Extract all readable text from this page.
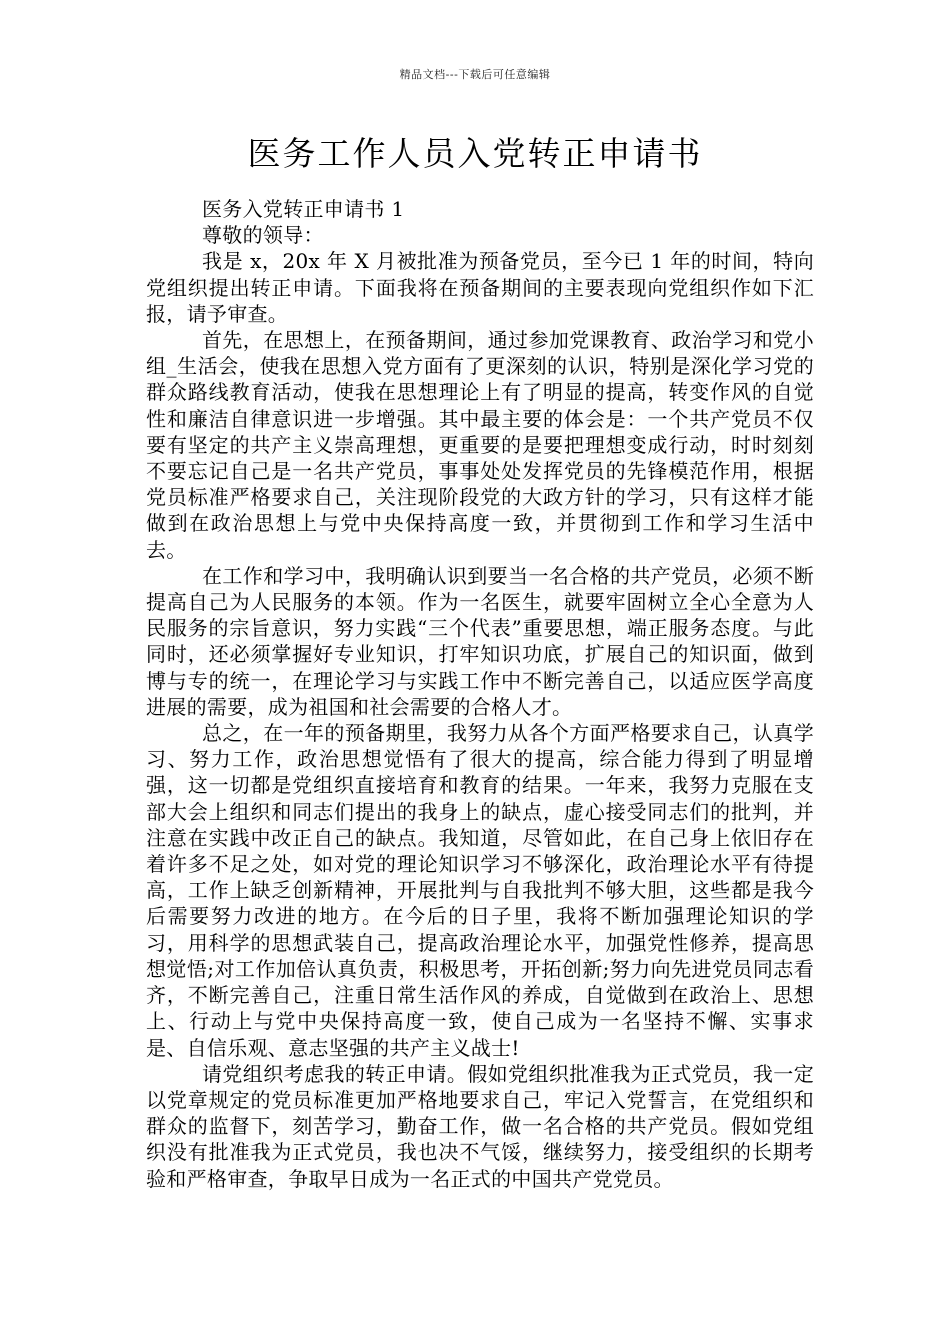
精品文档---下载后可任意编辑
医务工作人员入党转正申请书

医务入党转正申请书 1

尊敬的领导：

我是 x，20x 年 X 月被批准为预备党员，至今已 1 年的时间，特向党组织提出转正申请。下面我将在预备期间的主要表现向党组织作如下汇报，请予审查。

首先，在思想上，在预备期间，通过参加党课教育、政治学习和党小组_生活会，使我在思想入党方面有了更深刻的认识，特别是深化学习党的群众路线教育活动，使我在思想理论上有了明显的提高，转变作风的自觉性和廉洁自律意识进一步增强。其中最主要的体会是：一个共产党员不仅要有坚定的共产主义崇高理想，更重要的是要把理想变成行动，时时刻刻不要忘记自己是一名共产党员，事事处处发挥党员的先锋模范作用，根据党员标准严格要求自己，关注现阶段党的大政方针的学习，只有这样才能做到在政治思想上与党中央保持高度一致，并贯彻到工作和学习生活中去。

在工作和学习中，我明确认识到要当一名合格的共产党员，必须不断提高自己为人民服务的本领。作为一名医生，就要牢固树立全心全意为人民服务的宗旨意识，努力实践“三个代表”重要思想，端正服务态度。与此同时，还必须掌握好专业知识，打牢知识功底，扩展自己的知识面，做到博与专的统一，在理论学习与实践工作中不断完善自己，以适应医学高度进展的需要，成为祖国和社会需要的合格人才。

总之，在一年的预备期里，我努力从各个方面严格要求自己，认真学习、努力工作，政治思想觉悟有了很大的提高，综合能力得到了明显增强，这一切都是党组织直接培育和教育的结果。一年来，我努力克服在支部大会上组织和同志们提出的我身上的缺点，虚心接受同志们的批判，并注意在实践中改正自己的缺点。我知道，尽管如此，在自己身上依旧存在着许多不足之处，如对党的理论知识学习不够深化，政治理论水平有待提高，工作上缺乏创新精神，开展批判与自我批判不够大胆，这些都是我今后需要努力改进的地方。在今后的日子里，我将不断加强理论知识的学习，用科学的思想武装自己，提高政治理论水平，加强党性修养，提高思想觉悟;对工作加倍认真负责，积极思考，开拓创新;努力向先进党员同志看齐，不断完善自己，注重日常生活作风的养成，自觉做到在政治上、思想上、行动上与党中央保持高度一致，使自己成为一名坚持不懈、实事求是、自信乐观、意志坚强的共产主义战士!

请党组织考虑我的转正申请。假如党组织批准我为正式党员，我一定以党章规定的党员标准更加严格地要求自己，牢记入党誓言，在党组织和群众的监督下，刻苦学习，勤奋工作，做一名合格的共产党员。假如党组织没有批准我为正式党员，我也决不气馁，继续努力，接受组织的长期考验和严格审查，争取早日成为一名正式的中国共产党党员。
